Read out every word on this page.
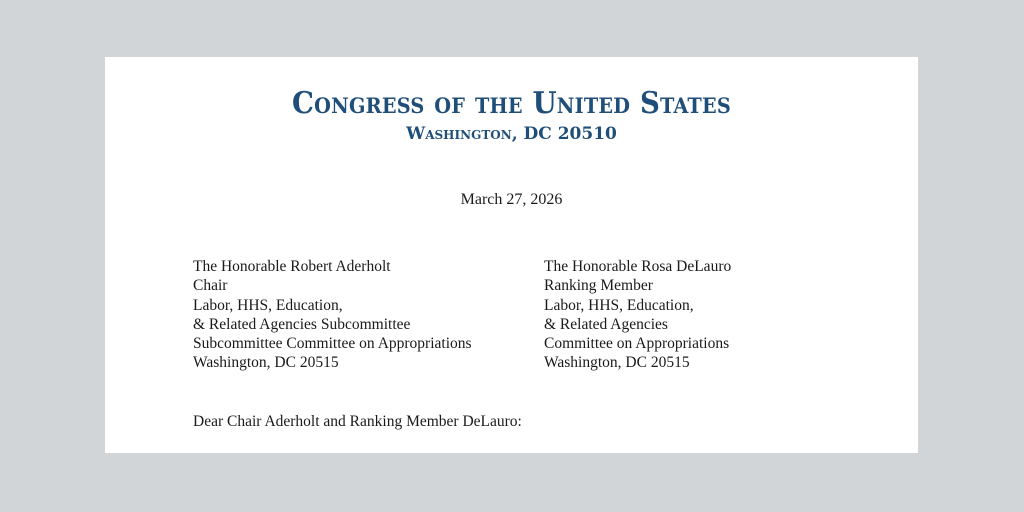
Congress of the United States
Washington, DC 20510
March 27, 2026
The Honorable Robert Aderholt
Chair
Labor, HHS, Education,
& Related Agencies Subcommittee
Subcommittee Committee on Appropriations
Washington, DC 20515
The Honorable Rosa DeLauro
Ranking Member
Labor, HHS, Education,
& Related Agencies
Committee on Appropriations
Washington, DC 20515
Dear Chair Aderholt and Ranking Member DeLauro:
